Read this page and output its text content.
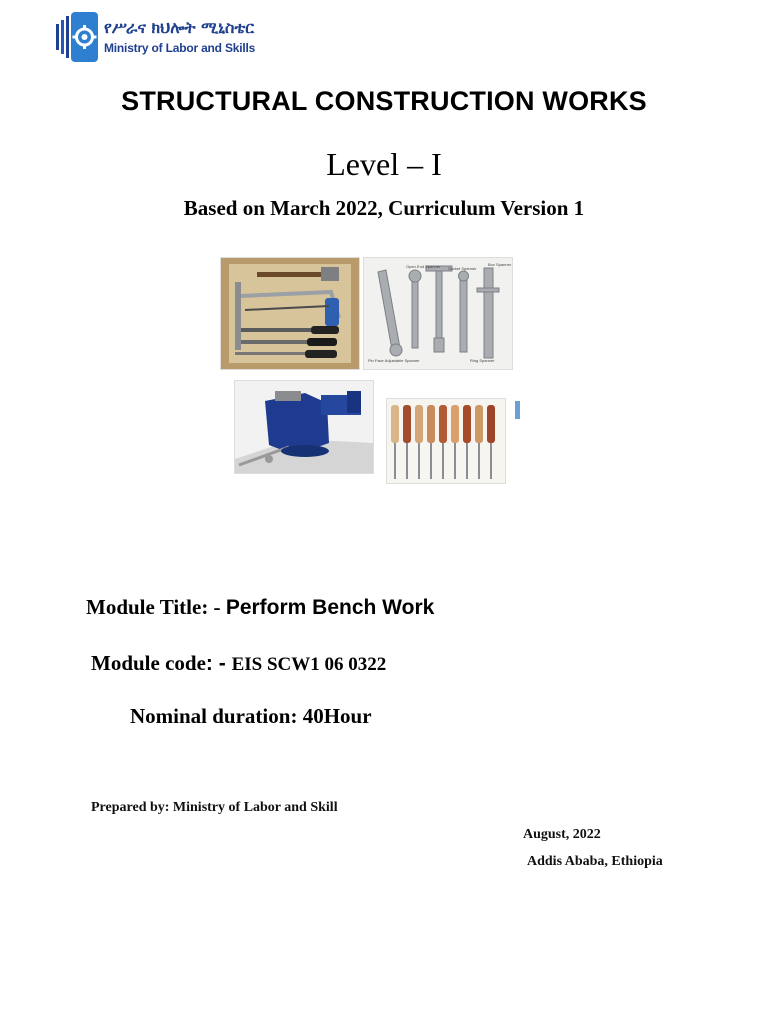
የሥራና ክህሎት ሚኒስቴር
Ministry of Labor and Skills
STRUCTURAL CONSTRUCTION WORKS
Level – I
Based on March 2022, Curriculum Version 1
Open End Spanner Socket Spanner
Box Spanner
Pin Face Adjustable Spanner	Ring Spanner
Module Title: - Perform Bench Work
Module code: - EIS SCW1 06 0322
Nominal duration: 40Hour
Prepared by: Ministry of Labor and Skill
August, 2022
Addis Ababa, Ethiopia
